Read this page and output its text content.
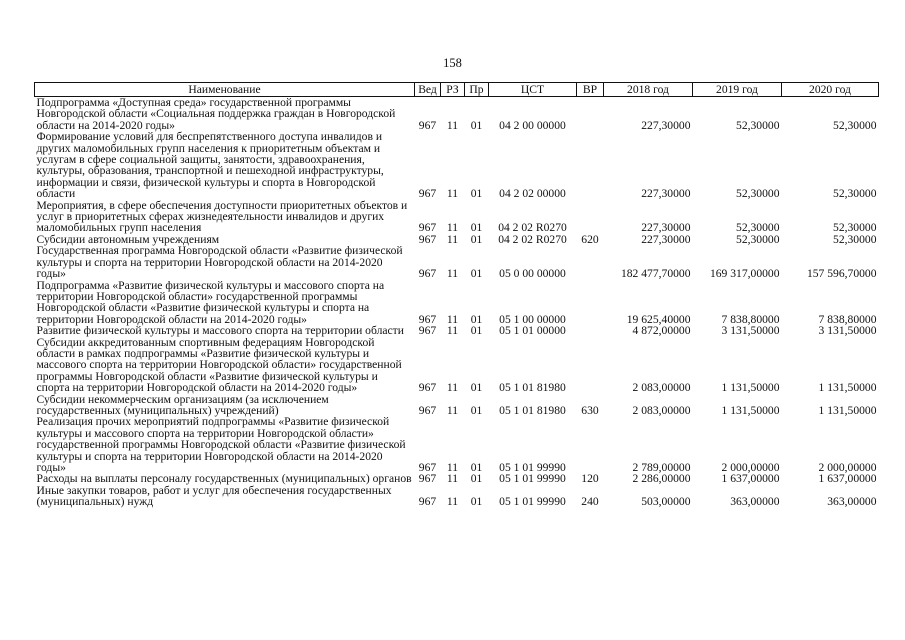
158
Наименование	Вед	РЗ	Пр	ЦСТ	ВР	2018 год	2019 год	2020 год
Подпрограмма «Доступная среда» государственной программы Новгородской области «Социальная поддержка граждан в Новгородской области на 2014-2020 годы»	967	11	01	04 2 00 00000		227,30000	52,30000	52,30000
Формирование условий для беспрепятственного доступа инвалидов и других маломобильных групп населения к приоритетным объектам и услугам в сфере социальной защиты, занятости, здравоохранения, культуры, образования, транспортной и пешеходной инфраструктуры, информации и связи, физической культуры и спорта в Новгородской области	967	11	01	04 2 02 00000		227,30000	52,30000	52,30000
Мероприятия, в сфере обеспечения доступности приоритетных объектов и услуг в приоритетных сферах жизнедеятельности инвалидов и других маломобильных групп населения	967	11	01	04 2 02 R0270		227,30000	52,30000	52,30000
Субсидии автономным учреждениям	967	11	01	04 2 02 R0270	620	227,30000	52,30000	52,30000
Государственная программа Новгородской области «Развитие физической культуры и спорта на территории Новгородской области на 2014-2020 годы»	967	11	01	05 0 00 00000		182 477,70000	169 317,00000	157 596,70000
Подпрограмма «Развитие физической культуры и массового спорта на территории Новгородской области» государственной программы Новгородской области «Развитие физической культуры и спорта на территории Новгородской области на 2014-2020 годы»	967	11	01	05 1 00 00000		19 625,40000	7 838,80000	7 838,80000
Развитие физической культуры и массового спорта на территории области	967	11	01	05 1 01 00000		4 872,00000	3 131,50000	3 131,50000
Субсидии аккредитованным спортивным федерациям Новгородской области в рамках подпрограммы «Развитие физической культуры и массового спорта на территории Новгородской области» государственной программы Новгородской области «Развитие физической культуры и спорта на территории Новгородской области на 2014-2020 годы»	967	11	01	05 1 01 81980		2 083,00000	1 131,50000	1 131,50000
Субсидии некоммерческим организациям (за исключением государственных (муниципальных) учреждений)	967	11	01	05 1 01 81980	630	2 083,00000	1 131,50000	1 131,50000
Реализация прочих мероприятий подпрограммы «Развитие физической культуры и массового спорта на территории Новгородской области» государственной программы Новгородской области «Развитие физической культуры и спорта на территории Новгородской области на 2014-2020 годы»	967	11	01	05 1 01 99990		2 789,00000	2 000,00000	2 000,00000
Расходы на выплаты персоналу государственных (муниципальных) органов	967	11	01	05 1 01 99990	120	2 286,00000	1 637,00000	1 637,00000
Иные закупки товаров, работ и услуг для обеспечения государственных (муниципальных) нужд	967	11	01	05 1 01 99990	240	503,00000	363,00000	363,00000
